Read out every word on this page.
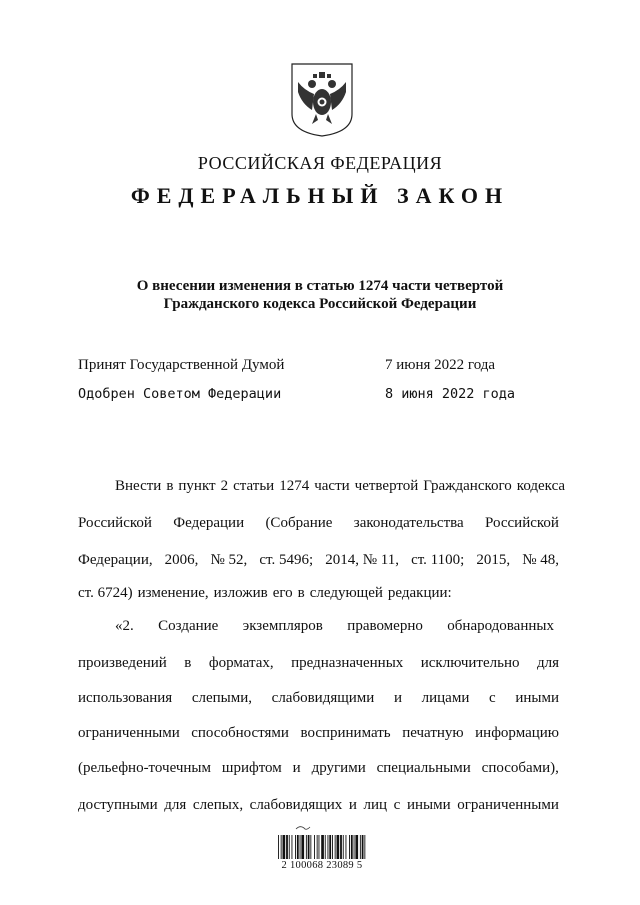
РОССИЙСКАЯ ФЕДЕРАЦИЯ
ФЕДЕРАЛЬНЫЙ ЗАКОН
О внесении изменения в статью 1274 части четвертой
Гражданского кодекса Российской Федерации
Принят Государственной Думой	7 июня 2022 года
Одобрен Советом Федерации	8 июня 2022 года
Внести в пункт 2 статьи 1274 части четвертой Гражданского кодекса
Российской Федерации (Собрание законодательства Российской
Федерации, 2006, № 52, ст. 5496; 2014, № 11, ст. 1100; 2015, № 48,
ст. 6724) изменение, изложив его в следующей редакции:
«2. Создание экземпляров правомерно обнародованных
произведений в форматах, предназначенных исключительно для
использования слепыми, слабовидящими и лицами с иными
ограниченными способностями воспринимать печатную информацию
(рельефно-точечным шрифтом и другими специальными способами),
доступными для слепых, слабовидящих и лиц с иными ограниченными
2 100068 23089 5
